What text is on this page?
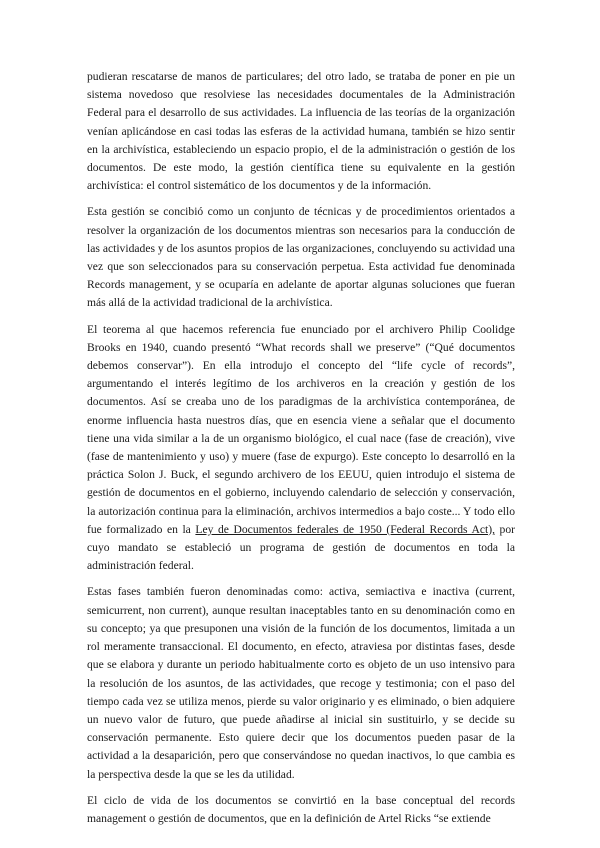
pudieran rescatarse de manos de particulares; del otro lado, se trataba de poner en pie un sistema novedoso que resolviese las necesidades documentales de la Administración Federal para el desarrollo de sus actividades. La influencia de las teorías de la organización venían aplicándose en casi todas las esferas de la actividad humana, también se hizo sentir en la archivística, estableciendo un espacio propio, el de la administración o gestión de los documentos. De este modo, la gestión científica tiene su equivalente en la gestión archivística: el control sistemático de los documentos y de la información.

Esta gestión se concibió como un conjunto de técnicas y de procedimientos orientados a resolver la organización de los documentos mientras son necesarios para la conducción de las actividades y de los asuntos propios de las organizaciones, concluyendo su actividad una vez que son seleccionados para su conservación perpetua. Esta actividad fue denominada Records management, y se ocuparía en adelante de aportar algunas soluciones que fueran más allá de la actividad tradicional de la archivística.

El teorema al que hacemos referencia fue enunciado por el archivero Philip Coolidge Brooks en 1940, cuando presentó “What records shall we preserve” (“Qué documentos debemos conservar”). En ella introdujo el concepto del “life cycle of records”, argumentando el interés legítimo de los archiveros en la creación y gestión de los documentos. Así se creaba uno de los paradigmas de la archivística contemporánea, de enorme influencia hasta nuestros días, que en esencia viene a señalar que el documento tiene una vida similar a la de un organismo biológico, el cual nace (fase de creación), vive (fase de mantenimiento y uso) y muere (fase de expurgo). Este concepto lo desarrolló en la práctica Solon J. Buck, el segundo archivero de los EEUU, quien introdujo el sistema de gestión de documentos en el gobierno, incluyendo calendario de selección y conservación, la autorización continua para la eliminación, archivos intermedios a bajo coste... Y todo ello fue formalizado en la Ley de Documentos federales de 1950 (Federal Records Act), por cuyo mandato se estableció un programa de gestión de documentos en toda la administración federal.

Estas fases también fueron denominadas como: activa, semiactiva e inactiva (current, semicurrent, non current), aunque resultan inaceptables tanto en su denominación como en su concepto; ya que presuponen una visión de la función de los documentos, limitada a un rol meramente transaccional. El documento, en efecto, atraviesa por distintas fases, desde que se elabora y durante un periodo habitualmente corto es objeto de un uso intensivo para la resolución de los asuntos, de las actividades, que recoge y testimonia; con el paso del tiempo cada vez se utiliza menos, pierde su valor originario y es eliminado, o bien adquiere un nuevo valor de futuro, que puede añadirse al inicial sin sustituirlo, y se decide su conservación permanente. Esto quiere decir que los documentos pueden pasar de la actividad a la desaparición, pero que conservándose no quedan inactivos, lo que cambia es la perspectiva desde la que se les da utilidad.

El ciclo de vida de los documentos se convirtió en la base conceptual del records management o gestión de documentos, que en la definición de Artel Ricks “se extiende
